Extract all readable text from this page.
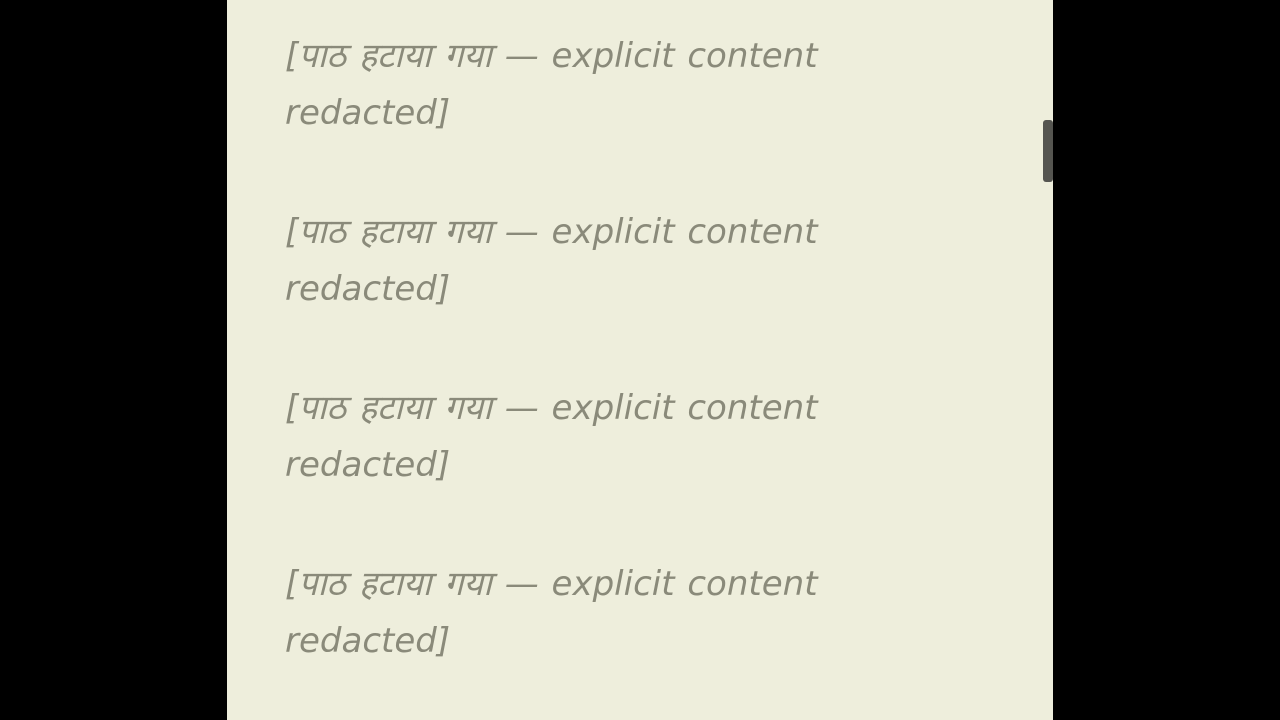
[पाठ हटाया गया — explicit content redacted]

[पाठ हटाया गया — explicit content redacted]

[पाठ हटाया गया — explicit content redacted]

[पाठ हटाया गया — explicit content redacted]
